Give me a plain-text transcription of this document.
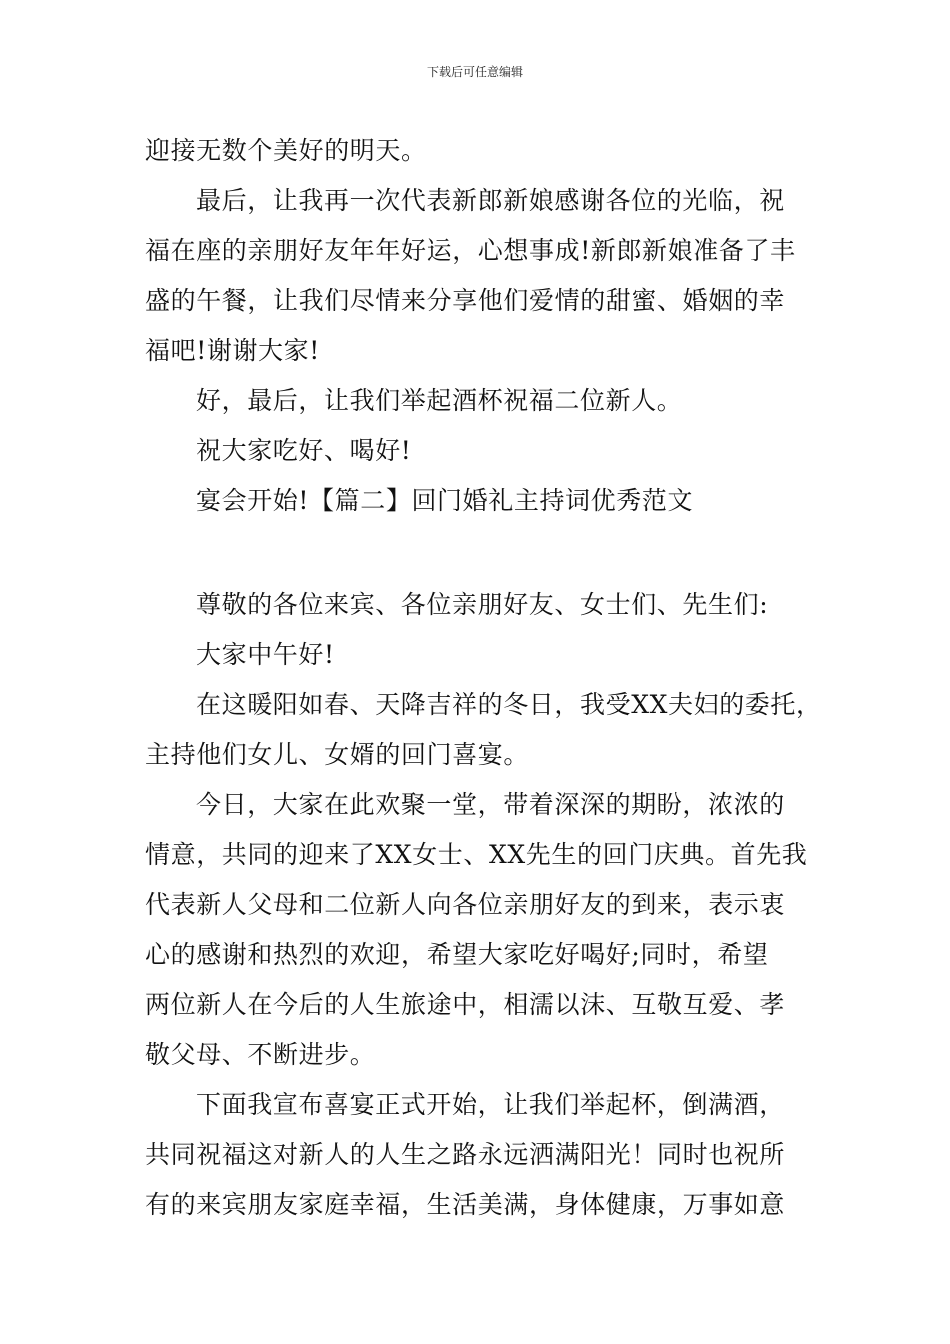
下载后可任意编辑
迎接无数个美好的明天。
最后，让我再一次代表新郎新娘感谢各位的光临，祝
福在座的亲朋好友年年好运，心想事成!新郎新娘准备了丰
盛的午餐，让我们尽情来分享他们爱情的甜蜜、婚姻的幸
福吧!谢谢大家!
好，最后，让我们举起酒杯祝福二位新人。
祝大家吃好、喝好!
宴会开始!【篇二】回门婚礼主持词优秀范文
尊敬的各位来宾、各位亲朋好友、女士们、先生们:
大家中午好!
在这暖阳如春、天降吉祥的冬日，我受XX夫妇的委托，
主持他们女儿、女婿的回门喜宴。
今日，大家在此欢聚一堂，带着深深的期盼，浓浓的
情意，共同的迎来了XX女士、XX先生的回门庆典。首先我
代表新人父母和二位新人向各位亲朋好友的到来，表示衷
心的感谢和热烈的欢迎，希望大家吃好喝好;同时，希望
两位新人在今后的人生旅途中，相濡以沫、互敬互爱、孝
敬父母、不断进步。
下面我宣布喜宴正式开始，让我们举起杯，倒满酒，
共同祝福这对新人的人生之路永远洒满阳光！同时也祝所
有的来宾朋友家庭幸福，生活美满，身体健康，万事如意
